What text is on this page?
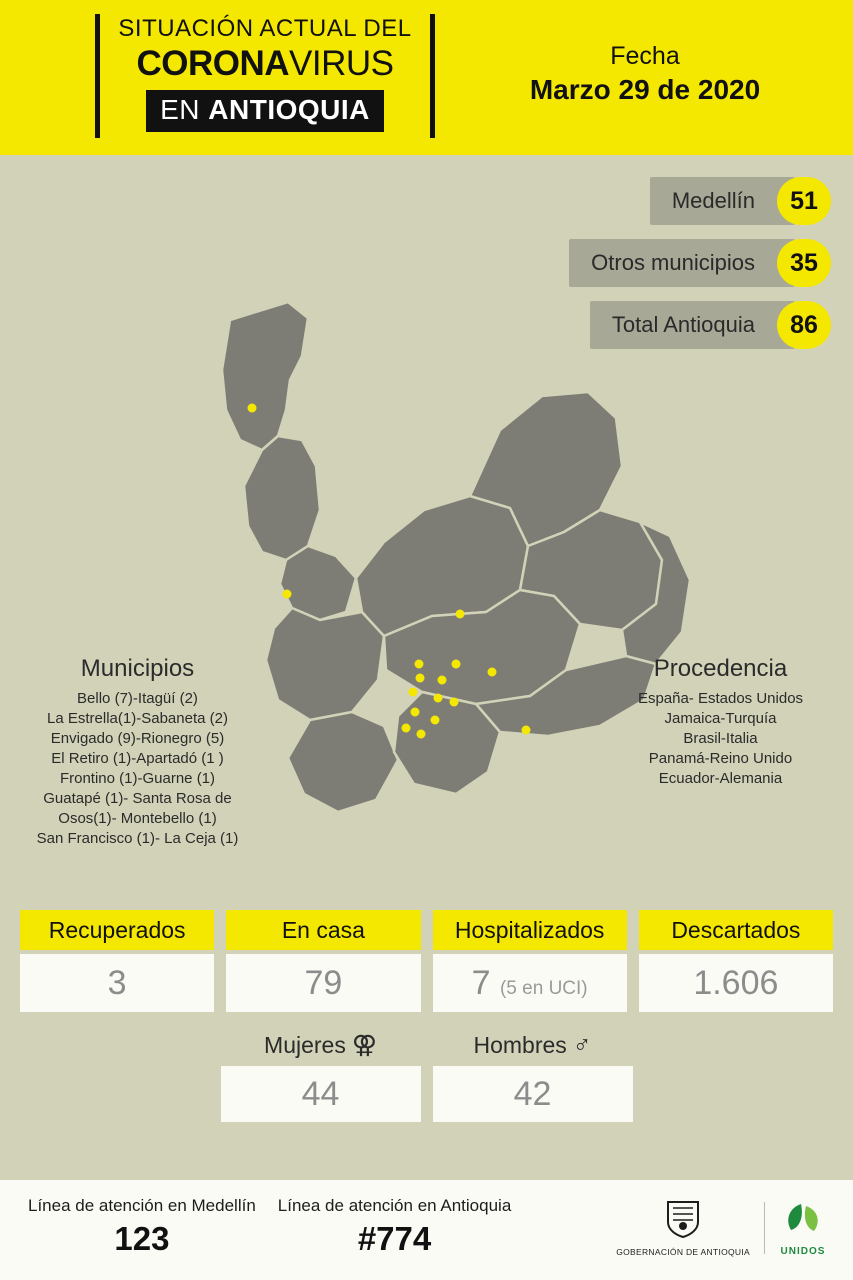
SITUACIÓN ACTUAL DEL
CORONAVIRUS
EN ANTIOQUIA
Fecha
Marzo 29 de 2020
Medellín	51
Otros municipios	35
Total Antioquia	86
Municipios
Bello (7)-Itagüí (2)
La Estrella(1)-Sabaneta (2)
Envigado (9)-Rionegro (5)
El Retiro (1)-Apartadó (1 )
Frontino (1)-Guarne (1)
Guatapé (1)- Santa Rosa de
Osos(1)- Montebello (1)
San Francisco (1)- La Ceja (1)
Procedencia
España- Estados Unidos
Jamaica-Turquía
Brasil-Italia
Panamá-Reino Unido
Ecuador-Alemania
Recuperados
3
En casa
79
Hospitalizados
7 (5 en UCI)
Descartados
1.606
Mujeres ⚢
44
Hombres ♂
42
Línea de atención en Medellín
123
Línea de atención en Antioquia
#774	GOBERNACIÓN DE ANTIOQUIA	UNIDOS
